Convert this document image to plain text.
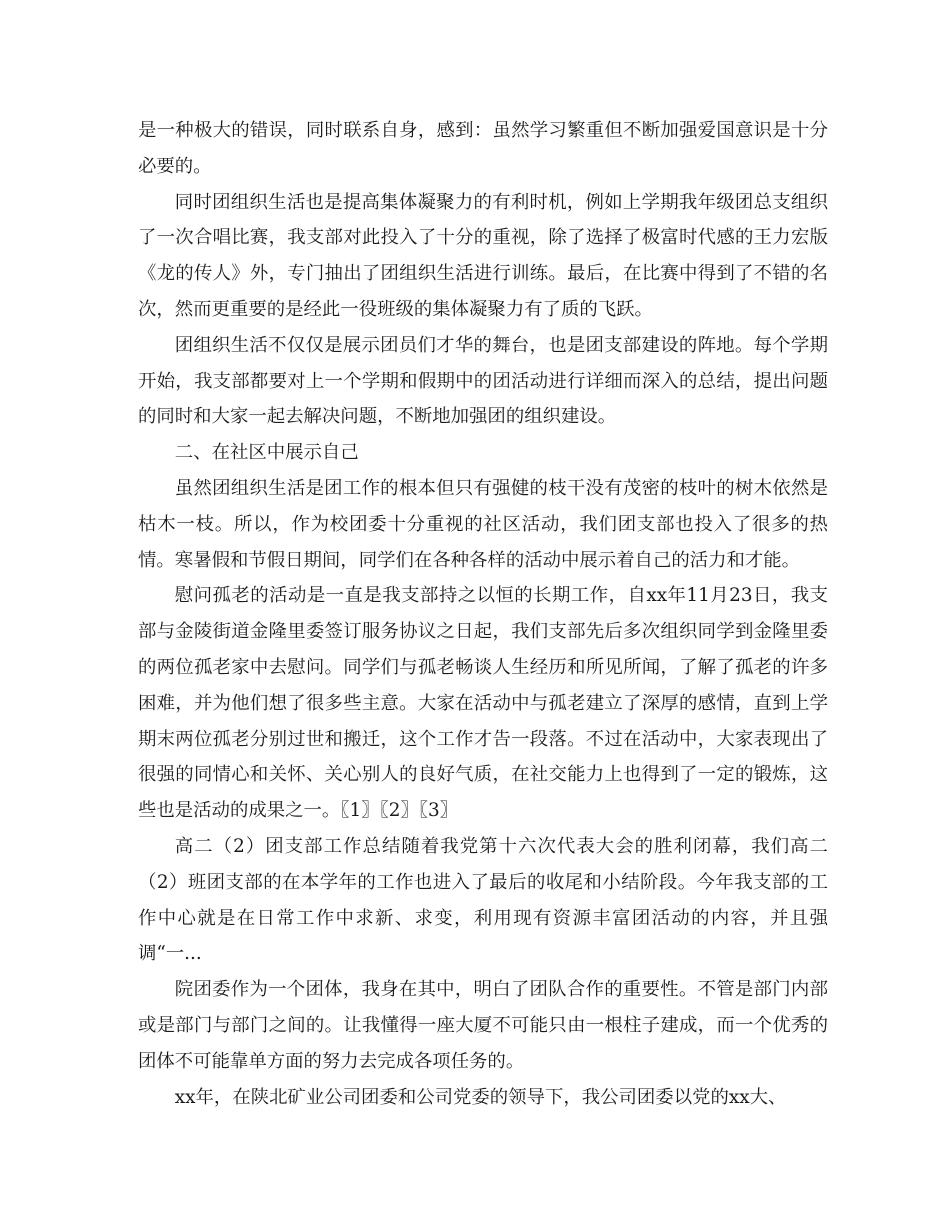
是一种极大的错误，同时联系自身，感到：虽然学习繁重但不断加强爱国意识是十分必要的。

同时团组织生活也是提高集体凝聚力的有利时机，例如上学期我年级团总支组织了一次合唱比赛，我支部对此投入了十分的重视，除了选择了极富时代感的王力宏版《龙的传人》外，专门抽出了团组织生活进行训练。最后，在比赛中得到了不错的名次，然而更重要的是经此一役班级的集体凝聚力有了质的飞跃。

团组织生活不仅仅是展示团员们才华的舞台，也是团支部建设的阵地。每个学期开始，我支部都要对上一个学期和假期中的团活动进行详细而深入的总结，提出问题的同时和大家一起去解决问题，不断地加强团的组织建设。

二、在社区中展示自己

虽然团组织生活是团工作的根本但只有强健的枝干没有茂密的枝叶的树木依然是枯木一枝。所以，作为校团委十分重视的社区活动，我们团支部也投入了很多的热情。寒暑假和节假日期间，同学们在各种各样的活动中展示着自己的活力和才能。

慰问孤老的活动是一直是我支部持之以恒的长期工作，自xx年11月23日，我支部与金陵街道金隆里委签订服务协议之日起，我们支部先后多次组织同学到金隆里委的两位孤老家中去慰问。同学们与孤老畅谈人生经历和所见所闻，了解了孤老的许多困难，并为他们想了很多些主意。大家在活动中与孤老建立了深厚的感情，直到上学期末两位孤老分别过世和搬迁，这个工作才告一段落。不过在活动中，大家表现出了很强的同情心和关怀、关心别人的良好气质，在社交能力上也得到了一定的锻炼，这些也是活动的成果之一。〖1〗〖2〗〖3〗

高二（2）团支部工作总结随着我党第十六次代表大会的胜利闭幕，我们高二（2）班团支部的在本学年的工作也进入了最后的收尾和小结阶段。今年我支部的工作中心就是在日常工作中求新、求变，利用现有资源丰富团活动的内容，并且强调“一...

院团委作为一个团体，我身在其中，明白了团队合作的重要性。不管是部门内部或是部门与部门之间的。让我懂得一座大厦不可能只由一根柱子建成，而一个优秀的团体不可能靠单方面的努力去完成各项任务的。

xx年，在陕北矿业公司团委和公司党委的领导下，我公司团委以党的xx大、
